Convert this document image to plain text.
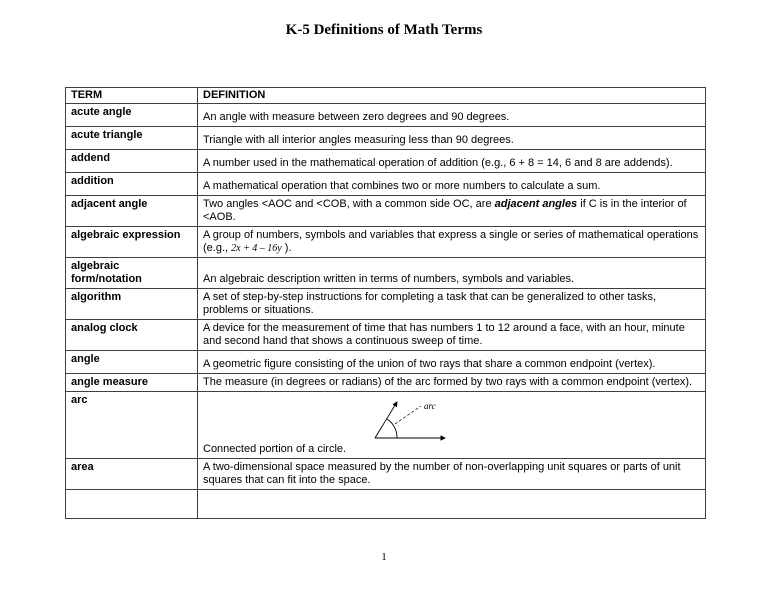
K-5 Definitions of Math Terms
TERM	DEFINITION
acute angle	An angle with measure between zero degrees and 90 degrees.
acute triangle	Triangle with all interior angles measuring less than 90 degrees.
addend	A number used in the mathematical operation of addition (e.g., 6 + 8 = 14, 6 and 8 are addends).
addition	A mathematical operation that combines two or more numbers to calculate a sum.
adjacent angle	Two angles <AOC and <COB, with a common side OC, are adjacent angles if C is in the interior of <AOB.
algebraic expression	A group of numbers, symbols and variables that express a single or series of mathematical operations (e.g., 2x + 4 – 16y ).
algebraic form/notation	An algebraic description written in terms of numbers, symbols and variables.
algorithm	A set of step-by-step instructions for completing a task that can be generalized to other tasks, problems or situations.
analog clock	A device for the measurement of time that has numbers 1 to 12 around a face, with an hour, minute and second hand that shows a continuous sweep of time.
angle	A geometric figure consisting of the union of two rays that share a common endpoint (vertex).
angle measure	The measure (in degrees or radians) of the arc formed by two rays with a common endpoint (vertex).
arc	arc
Connected portion of a circle.

area	A two-dimensional space measured by the number of non-overlapping unit squares or parts of unit squares that can fit into the space.

1
